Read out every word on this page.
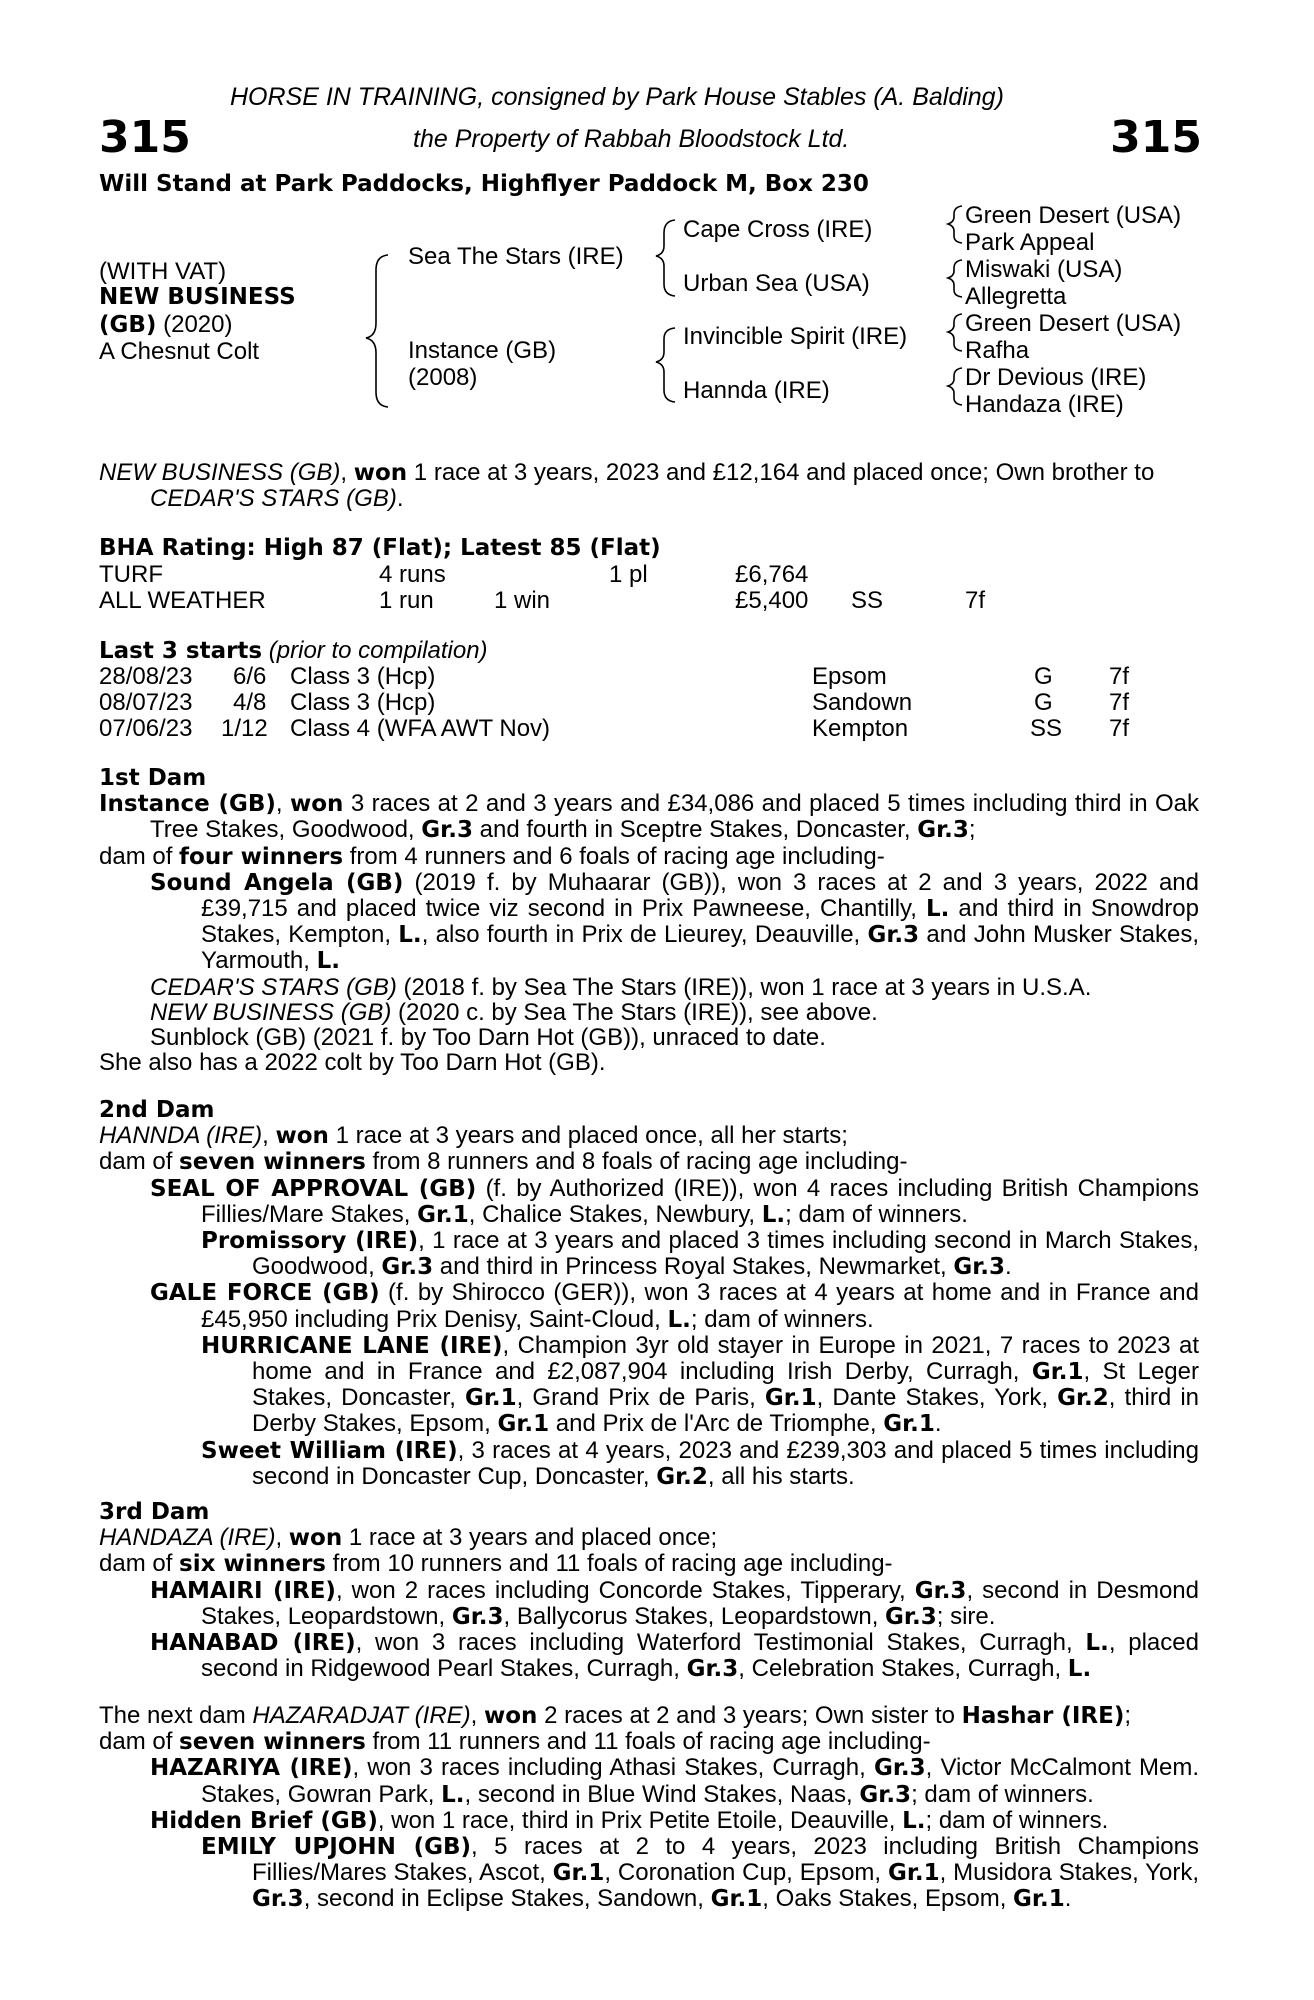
HORSE IN TRAINING, consigned by Park House Stables (A. Balding)
the Property of Rabbah Bloodstock Ltd.
315	315
Will Stand at Park Paddocks, Highflyer Paddock M, Box 230
(WITH VAT)
NEW BUSINESS
(GB) (2020)
A Chesnut Colt
Sea The Stars (IRE)
Instance (GB)
(2008)
Cape Cross (IRE)
Urban Sea (USA)
Invincible Spirit (IRE)
Hannda (IRE)
Green Desert (USA)
Park Appeal
Miswaki (USA)
Allegretta
Green Desert (USA)
Rafha
Dr Devious (IRE)
Handaza (IRE)

NEW BUSINESS (GB), won 1 race at 3 years, 2023 and £12,164 and placed once; Own brother to CEDAR'S STARS (GB).

BHA Rating: High 87 (Flat); Latest 85 (Flat)
TURF	4 runs	1 pl	£6,764
ALL WEATHER	1 run	1 win	£5,400 SS	7f
Last 3 starts (prior to compilation)
28/08/23 6/6 Class 3 (Hcp)	Epsom	G 7f
08/07/23 4/8 Class 3 (Hcp)	Sandown	G 7f
07/06/23 1/12 Class 4 (WFA AWT Nov)	Kempton	SS 7f

1st Dam

Instance (GB), won 3 races at 2 and 3 years and £34,086 and placed 5 times including third in Oak Tree Stakes, Goodwood, Gr.3 and fourth in Sceptre Stakes, Doncaster, Gr.3;

dam of four winners from 4 runners and 6 foals of racing age including-

Sound Angela (GB) (2019 f. by Muhaarar (GB)), won 3 races at 2 and 3 years, 2022 and £39,715 and placed twice viz second in Prix Pawneese, Chantilly, L. and third in Snowdrop Stakes, Kempton, L., also fourth in Prix de Lieurey, Deauville, Gr.3 and John Musker Stakes, Yarmouth, L.

CEDAR'S STARS (GB) (2018 f. by Sea The Stars (IRE)), won 1 race at 3 years in U.S.A.

NEW BUSINESS (GB) (2020 c. by Sea The Stars (IRE)), see above.

Sunblock (GB) (2021 f. by Too Darn Hot (GB)), unraced to date.

She also has a 2022 colt by Too Darn Hot (GB).

2nd Dam

HANNDA (IRE), won 1 race at 3 years and placed once, all her starts;

dam of seven winners from 8 runners and 8 foals of racing age including-

SEAL OF APPROVAL (GB) (f. by Authorized (IRE)), won 4 races including British Champions Fillies/Mare Stakes, Gr.1, Chalice Stakes, Newbury, L.; dam of winners.

Promissory (IRE), 1 race at 3 years and placed 3 times including second in March Stakes, Goodwood, Gr.3 and third in Princess Royal Stakes, Newmarket, Gr.3.

GALE FORCE (GB) (f. by Shirocco (GER)), won 3 races at 4 years at home and in France and £45,950 including Prix Denisy, Saint-Cloud, L.; dam of winners.

HURRICANE LANE (IRE), Champion 3yr old stayer in Europe in 2021, 7 races to 2023 at home and in France and £2,087,904 including Irish Derby, Curragh, Gr.1, St Leger Stakes, Doncaster, Gr.1, Grand Prix de Paris, Gr.1, Dante Stakes, York, Gr.2, third in Derby Stakes, Epsom, Gr.1 and Prix de l'Arc de Triomphe, Gr.1.

Sweet William (IRE), 3 races at 4 years, 2023 and £239,303 and placed 5 times including second in Doncaster Cup, Doncaster, Gr.2, all his starts.

3rd Dam

HANDAZA (IRE), won 1 race at 3 years and placed once;

dam of six winners from 10 runners and 11 foals of racing age including-

HAMAIRI (IRE), won 2 races including Concorde Stakes, Tipperary, Gr.3, second in Desmond Stakes, Leopardstown, Gr.3, Ballycorus Stakes, Leopardstown, Gr.3; sire.

HANABAD (IRE), won 3 races including Waterford Testimonial Stakes, Curragh, L., placed second in Ridgewood Pearl Stakes, Curragh, Gr.3, Celebration Stakes, Curragh, L.

The next dam HAZARADJAT (IRE), won 2 races at 2 and 3 years; Own sister to Hashar (IRE);

dam of seven winners from 11 runners and 11 foals of racing age including-

HAZARIYA (IRE), won 3 races including Athasi Stakes, Curragh, Gr.3, Victor McCalmont Mem. Stakes, Gowran Park, L., second in Blue Wind Stakes, Naas, Gr.3; dam of winners.

Hidden Brief (GB), won 1 race, third in Prix Petite Etoile, Deauville, L.; dam of winners.

EMILY UPJOHN (GB), 5 races at 2 to 4 years, 2023 including British Champions Fillies/Mares Stakes, Ascot, Gr.1, Coronation Cup, Epsom, Gr.1, Musidora Stakes, York, Gr.3, second in Eclipse Stakes, Sandown, Gr.1, Oaks Stakes, Epsom, Gr.1.
